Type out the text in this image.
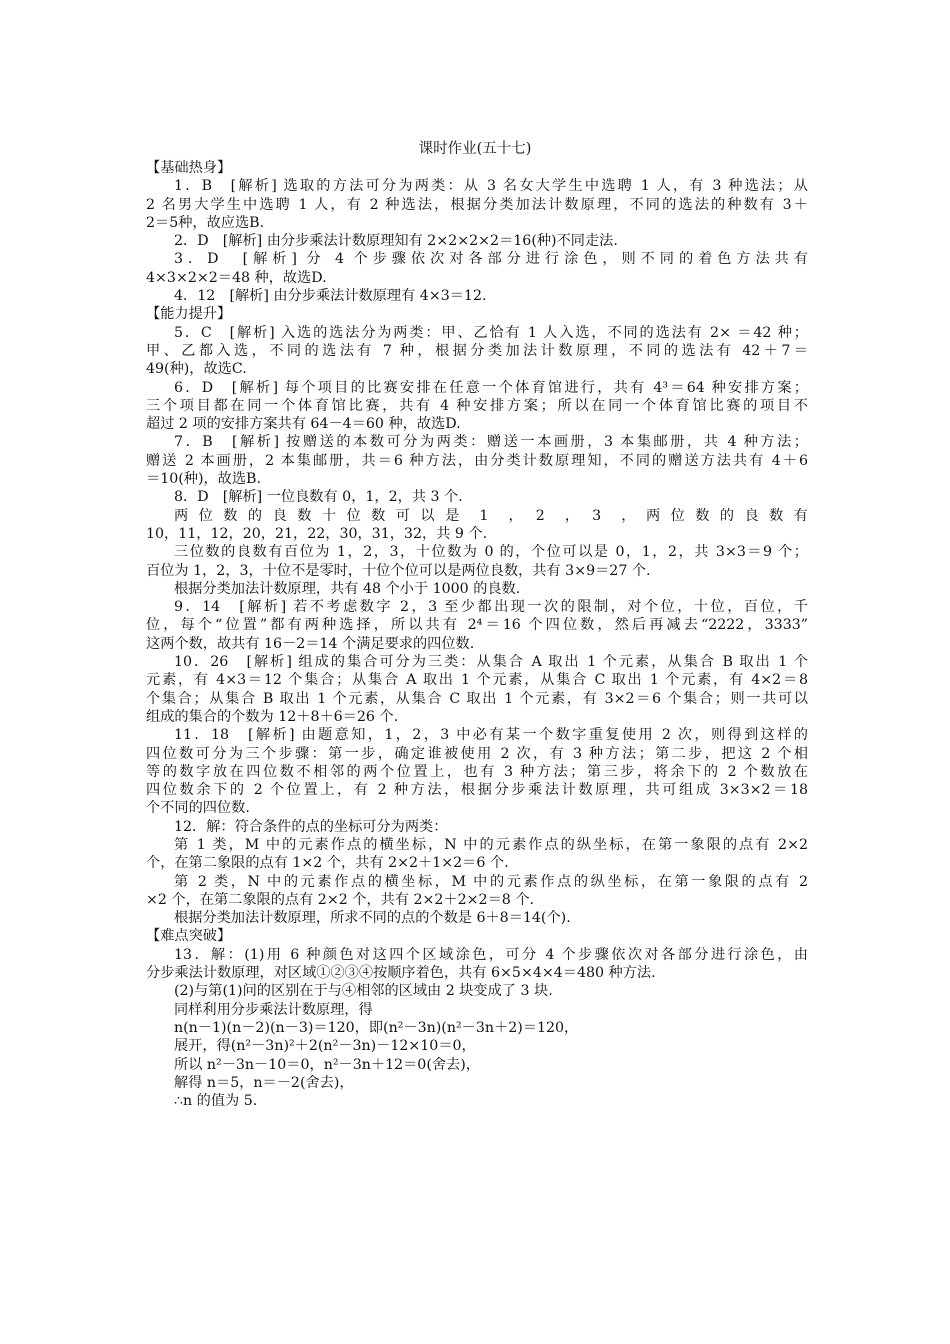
课时作业(五十七)
【基础热身】
1．B　[解析] 选取的方法可分为两类：从 3 名女大学生中选聘 1 人，有 3 种选法；从
2 名男大学生中选聘 1 人，有 2 种选法，根据分类加法计数原理，不同的选法的种数有 3＋
2＝5种，故应选B.
2．D　[解析] 由分步乘法计数原理知有 2×2×2×2＝16(种)不同走法.
3．D　[解析] 分 4 个步骤依次对各部分进行涂色，则不同的着色方法共有
4×3×2×2＝48 种，故选D.
4．12　[解析] 由分步乘法计数原理有 4×3＝12.
【能力提升】
5．C　[解析] 入选的选法分为两类：甲、乙恰有 1 人入选，不同的选法有 2× ＝42 种；
甲、乙都入选，不同的选法有 7 种，根据分类加法计数原理，不同的选法有 42＋7＝
49(种)，故选C.
6．D　[解析] 每个项目的比赛安排在任意一个体育馆进行，共有 4³＝64 种安排方案；
三个项目都在同一个体育馆比赛，共有 4 种安排方案；所以在同一个体育馆比赛的项目不
超过 2 项的安排方案共有 64－4＝60 种，故选D.
7．B　[解析] 按赠送的本数可分为两类：赠送一本画册，3 本集邮册，共 4 种方法；
赠送 2 本画册，2 本集邮册，共＝6 种方法，由分类计数原理知，不同的赠送方法共有 4＋6
＝10(种)，故选B.
8．D　[解析] 一位良数有 0，1，2，共 3 个.
两 位 数 的 良 数 十 位 数 可 以 是　1　，　2　，　3　， 两 位 数 的 良 数 有
10，11，12，20，21，22，30，31，32，共 9 个.
三位数的良数有百位为 1，2，3，十位数为 0 的，个位可以是 0，1，2，共 3×3＝9 个；
百位为 1，2，3，十位不是零时，十位个位可以是两位良数，共有 3×9＝27 个.
根据分类加法计数原理，共有 48 个小于 1000 的良数.
9．14　[解析] 若不考虑数字 2，3 至少都出现一次的限制，对个位，十位，百位，千
位，每个“位置”都有两种选择，所以共有 2⁴＝16 个四位数，然后再减去“2222，3333”
这两个数，故共有 16－2＝14 个满足要求的四位数.
10．26　[解析] 组成的集合可分为三类：从集合 A 取出 1 个元素，从集合 B 取出 1 个
元素，有 4×3＝12 个集合；从集合 A 取出 1 个元素，从集合 C 取出 1 个元素，有 4×2＝8
个集合；从集合 B 取出 1 个元素，从集合 C 取出 1 个元素，有 3×2＝6 个集合；则一共可以
组成的集合的个数为 12＋8＋6＝26 个.
11．18　[解析] 由题意知，1，2，3 中必有某一个数字重复使用 2 次，则得到这样的
四位数可分为三个步骤：第一步，确定谁被使用 2 次，有 3 种方法；第二步，把这 2 个相
等的数字放在四位数不相邻的两个位置上，也有 3 种方法；第三步，将余下的 2 个数放在
四位数余下的 2 个位置上，有 2 种方法，根据分步乘法计数原理，共可组成 3×3×2＝18
个不同的四位数.
12．解：符合条件的点的坐标可分为两类：
第 1 类，M 中的元素作点的横坐标，N 中的元素作点的纵坐标，在第一象限的点有 2×2
个，在第二象限的点有 1×2 个，共有 2×2＋1×2＝6 个.
第 2 类，N 中的元素作点的横坐标，M 中的元素作点的纵坐标，在第一象限的点有 2
×2 个，在第二象限的点有 2×2 个，共有 2×2＋2×2＝8 个.
根据分类加法计数原理，所求不同的点的个数是 6＋8＝14(个).
【难点突破】
13．解：(1)用 6 种颜色对这四个区域涂色，可分 4 个步骤依次对各部分进行涂色，由
分步乘法计数原理，对区域①②③④按顺序着色，共有 6×5×4×4＝480 种方法.
(2)与第(1)问的区别在于与④相邻的区域由 2 块变成了 3 块.
同样利用分步乘法计数原理，得
n(n－1)(n－2)(n－3)＝120，即(n²－3n)(n²－3n＋2)＝120，
展开，得(n²－3n)²＋2(n²－3n)－12×10＝0，
所以 n²－3n－10＝0，n²－3n＋12＝0(舍去)，
解得 n＝5，n＝－2(舍去)，
∴n 的值为 5.
